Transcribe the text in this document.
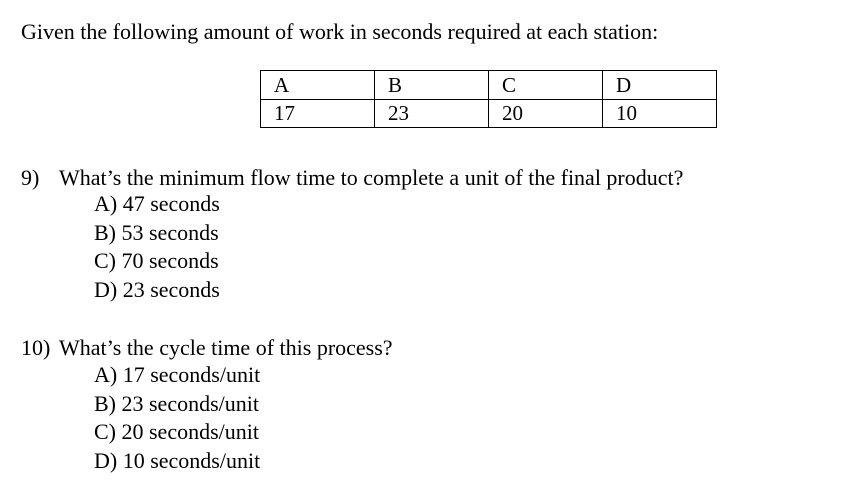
Given the following amount of work in seconds required at each station:
A	B	C	D
17	23	20	10
9) What’s the minimum flow time to complete a unit of the final product?
A) 47 seconds
B) 53 seconds
C) 70 seconds
D) 23 seconds
10) What’s the cycle time of this process?
A) 17 seconds/unit
B) 23 seconds/unit
C) 20 seconds/unit
D) 10 seconds/unit
